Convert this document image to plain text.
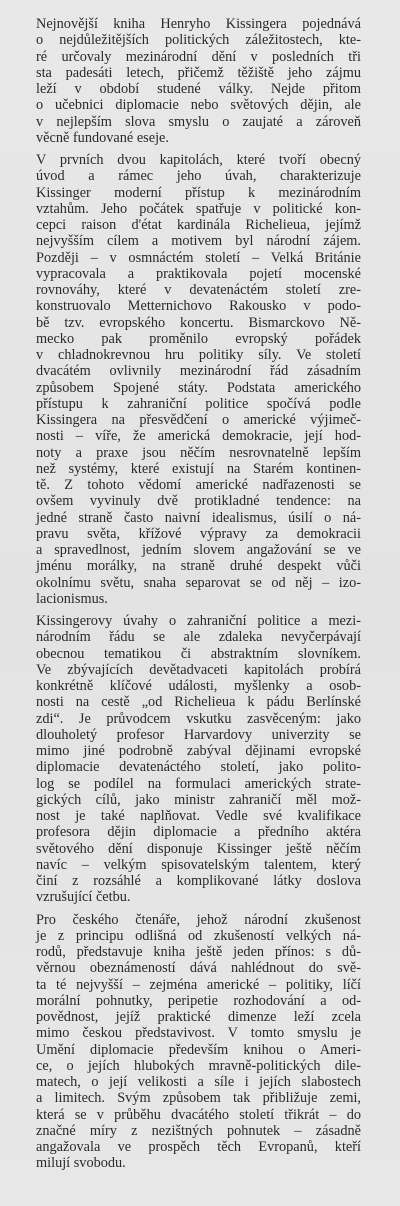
Nejnovější kniha Henryho Kissingera pojednává
o nejdůležitějších politických záležitostech, kte-
ré určovaly mezinárodní dění v posledních tři
sta padesáti letech, přičemž těžiště jeho zájmu
leží v období studené války. Nejde přitom
o učebnici diplomacie nebo světových dějin, ale
v nejlepším slova smyslu o zaujaté a zároveň
věcně fundované eseje.

V prvních dvou kapitolách, které tvoří obecný
úvod a rámec jeho úvah, charakterizuje
Kissinger moderní přístup k mezinárodním
vztahům. Jeho počátek spatřuje v politické kon-
cepci raison d'état kardinála Richelieua, jejímž
nejvyšším cílem a motivem byl národní zájem.
Později – v osmnáctém století – Velká Británie
vypracovala a praktikovala pojetí mocenské
rovnováhy, které v devatenáctém století zre-
konstruovalo Metternichovo Rakousko v podo-
bě tzv. evropského koncertu. Bismarckovo Ně-
mecko pak proměnilo evropský pořádek
v chladnokrevnou hru politiky síly. Ve století
dvacátém ovlivnily mezinárodní řád zásadním
způsobem Spojené státy. Podstata amerického
přístupu k zahraniční politice spočívá podle
Kissingera na přesvědčení o americké výjimeč-
nosti – víře, že americká demokracie, její hod-
noty a praxe jsou něčím nesrovnatelně lepším
než systémy, které existují na Starém kontinen-
tě. Z tohoto vědomí americké nadřazenosti se
ovšem vyvinuly dvě protikladné tendence: na
jedné straně často naivní idealismus, úsilí o ná-
pravu světa, křížové výpravy za demokracii
a spravedlnost, jedním slovem angažování se ve
jménu morálky, na straně druhé despekt vůči
okolnímu světu, snaha separovat se od něj – izo-
lacionismus.

Kissingerovy úvahy o zahraniční politice a mezi-
národním řádu se ale zdaleka nevyčerpávají
obecnou tematikou či abstraktním slovníkem.
Ve zbývajících devětadvaceti kapitolách probírá
konkrétně klíčové události, myšlenky a osob-
nosti na cestě „od Richelieua k pádu Berlínské
zdi“. Je průvodcem vskutku zasvěceným: jako
dlouholetý profesor Harvardovy univerzity se
mimo jiné podrobně zabýval dějinami evropské
diplomacie devatenáctého století, jako polito-
log se podílel na formulaci amerických strate-
gických cílů, jako ministr zahraničí měl mož-
nost je také naplňovat. Vedle své kvalifikace
profesora dějin diplomacie a předního aktéra
světového dění disponuje Kissinger ještě něčím
navíc – velkým spisovatelským talentem, který
činí z rozsáhlé a komplikované látky doslova
vzrušující četbu.

Pro českého čtenáře, jehož národní zkušenost
je z principu odlišná od zkušeností velkých ná-
rodů, představuje kniha ještě jeden přínos: s dů-
věrnou obeznámeností dává nahlédnout do svě-
ta té nejvyšší – zejména americké – politiky, líčí
morální pohnutky, peripetie rozhodování a od-
povědnost, jejíž praktické dimenze leží zcela
mimo českou představivost. V tomto smyslu je
Umění diplomacie především knihou o Ameri-
ce, o jejích hlubokých mravně-politických dile-
matech, o její velikosti a síle i jejích slabostech
a limitech. Svým způsobem tak přibližuje zemi,
která se v průběhu dvacátého století třikrát – do
značné míry z nezištných pohnutek – zásadně
angažovala ve prospěch těch Evropanů, kteří
milují svobodu.
